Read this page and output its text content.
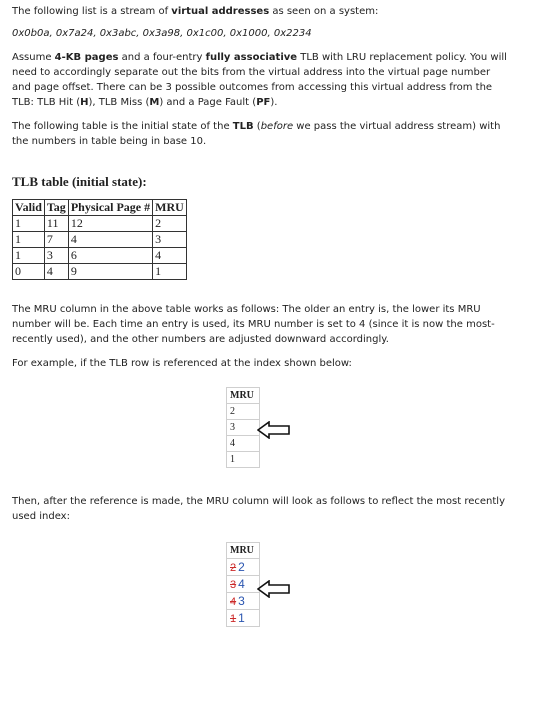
The following list is a stream of virtual addresses as seen on a system:

0x0b0a, 0x7a24, 0x3abc, 0x3a98, 0x1c00, 0x1000, 0x2234

Assume 4-KB pages and a four-entry fully associative TLB with LRU replacement policy. You will need to accordingly separate out the bits from the virtual address into the virtual page number and page offset. There can be 3 possible outcomes from accessing this virtual address from the TLB: TLB Hit (H), TLB Miss (M) and a Page Fault (PF).

The following table is the initial state of the TLB (before we pass the virtual address stream) with the numbers in table being in base 10.

TLB table (initial state):

Valid	Tag	Physical Page #	MRU
1	11	12	2
1	7	4	3
1	3	6	4
0	4	9	1

The MRU column in the above table works as follows: The older an entry is, the lower its MRU number will be. Each time an entry is used, its MRU number is set to 4 (since it is now the most-recently used), and the other numbers are adjusted downward accordingly.

For example, if the TLB row is referenced at the index shown below:

MRU
2
3
4
1

Then, after the reference is made, the MRU column will look as follows to reflect the most recently used index:

MRU
2 2
3 4
4 3
1 1
